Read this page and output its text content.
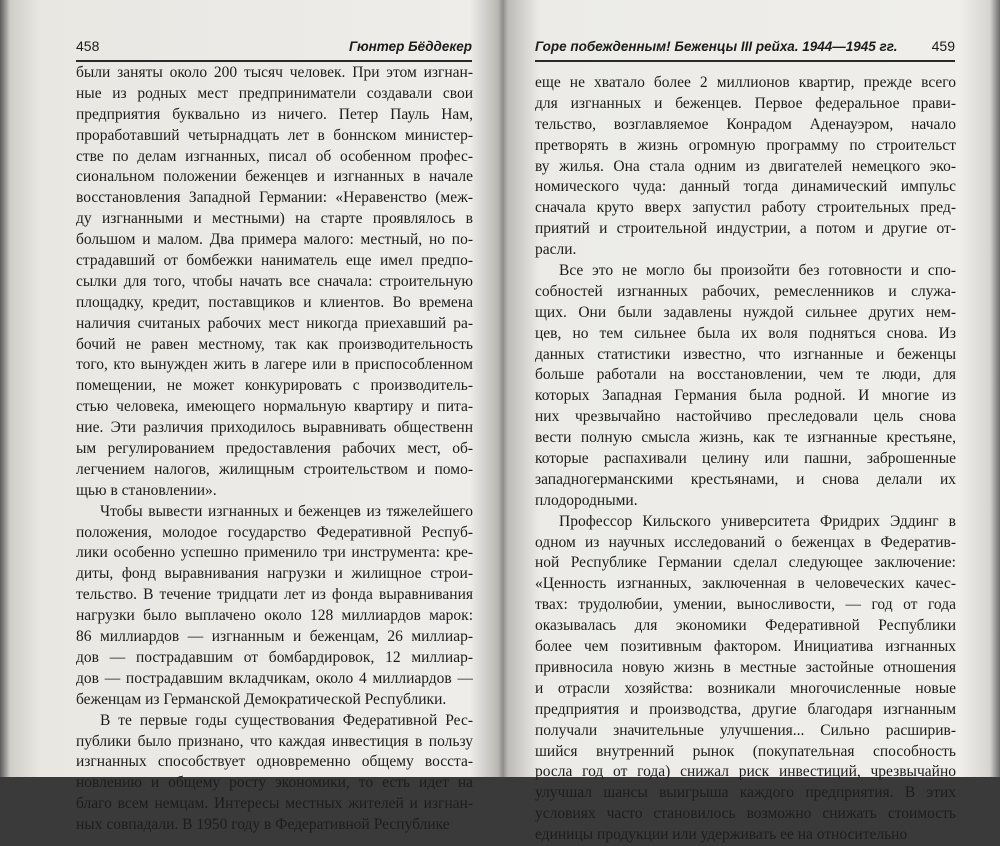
458	Гюнтер Бёддекер
были заняты около 200 тысяч человек. При этом изгнан-
ные из родных мест предприниматели создавали свои
предприятия буквально из ничего. Петер Пауль Нам,
проработавший четырнадцать лет в боннском министер-
стве по делам изгнанных, писал об особенном профес-
сиональном положении беженцев и изгнанных в начале
восстановления Западной Германии: «Неравенство (меж-
ду изгнанными и местными) на старте проявлялось в
большом и малом. Два примера малого: местный, но по-
страдавший от бомбежки наниматель еще имел предпо-
сылки для того, чтобы начать все сначала: строительную
площадку, кредит, поставщиков и клиентов. Во времена
наличия считаных рабочих мест никогда приехавший ра-
бочий не равен местному, так как производительность
того, кто вынужден жить в лагере или в приспособленном
помещении, не может конкурировать с производитель-
стью человека, имеющего нормальную квартиру и пита-
ние. Эти различия приходилось выравнивать общественн
ым регулированием предоставления рабочих мест, об-
легчением налогов, жилищным строительством и помо-
щью в становлении».
Чтобы вывести изгнанных и беженцев из тяжелейшего
положения, молодое государство Федеративной Респуб-
лики особенно успешно применило три инструмента: кре-
диты, фонд выравнивания нагрузки и жилищное строи-
тельство. В течение тридцати лет из фонда выравнивания
нагрузки было выплачено около 128 миллиардов марок:
86 миллиардов — изгнанным и беженцам, 26 миллиар-
дов — пострадавшим от бомбардировок, 12 миллиар-
дов — пострадавшим вкладчикам, около 4 миллиардов —
беженцам из Германской Демократической Республики.
В те первые годы существования Федеративной Рес-
публики было признано, что каждая инвестиция в пользу
изгнанных способствует одновременно общему восста-
новлению и общему росту экономики, то есть идет на
благо всем немцам. Интересы местных жителей и изгнан-
ных совпадали. В 1950 году в Федеративной Республике
Горе побежденным! Беженцы III рейха. 1944—1945 гг. 459
еще не хватало более 2 миллионов квартир, прежде всего
для изгнанных и беженцев. Первое федеральное прави-
тельство, возглавляемое Конрадом Аденауэром, начало
претворять в жизнь огромную программу по строительст
ву жилья. Она стала одним из двигателей немецкого эко-
номического чуда: данный тогда динамический импульс
сначала круто вверх запустил работу строительных пред-
приятий и строительной индустрии, а потом и другие от-
расли.
Все это не могло бы произойти без готовности и спо-
собностей изгнанных рабочих, ремесленников и служа-
щих. Они были задавлены нуждой сильнее других нем-
цев, но тем сильнее была их воля подняться снова. Из
данных статистики известно, что изгнанные и беженцы
больше работали на восстановлении, чем те люди, для
которых Западная Германия была родной. И многие из
них чрезвычайно настойчиво преследовали цель снова
вести полную смысла жизнь, как те изгнанные крестьяне,
которые распахивали целину или пашни, заброшенные
западногерманскими крестьянами, и снова делали их
плодородными.
Профессор Кильского университета Фридрих Эддинг в
одном из научных исследований о беженцах в Федератив-
ной Республике Германии сделал следующее заключение:
«Ценность изгнанных, заключенная в человеческих качес-
твах: трудолюбии, умении, выносливости, — год от года
оказывалась для экономики Федеративной Республики
более чем позитивным фактором. Инициатива изгнанных
привносила новую жизнь в местные застойные отношения
и отрасли хозяйства: возникали многочисленные новые
предприятия и производства, другие благодаря изгнанным
получали значительные улучшения... Сильно расширив-
шийся внутренний рынок (покупательная способность
росла год от года) снижал риск инвестиций, чрезвычайно
улучшал шансы выигрыша каждого предприятия. В этих
условиях часто становилось возможно снижать стоимость
единицы продукции или удерживать ее на относительно
